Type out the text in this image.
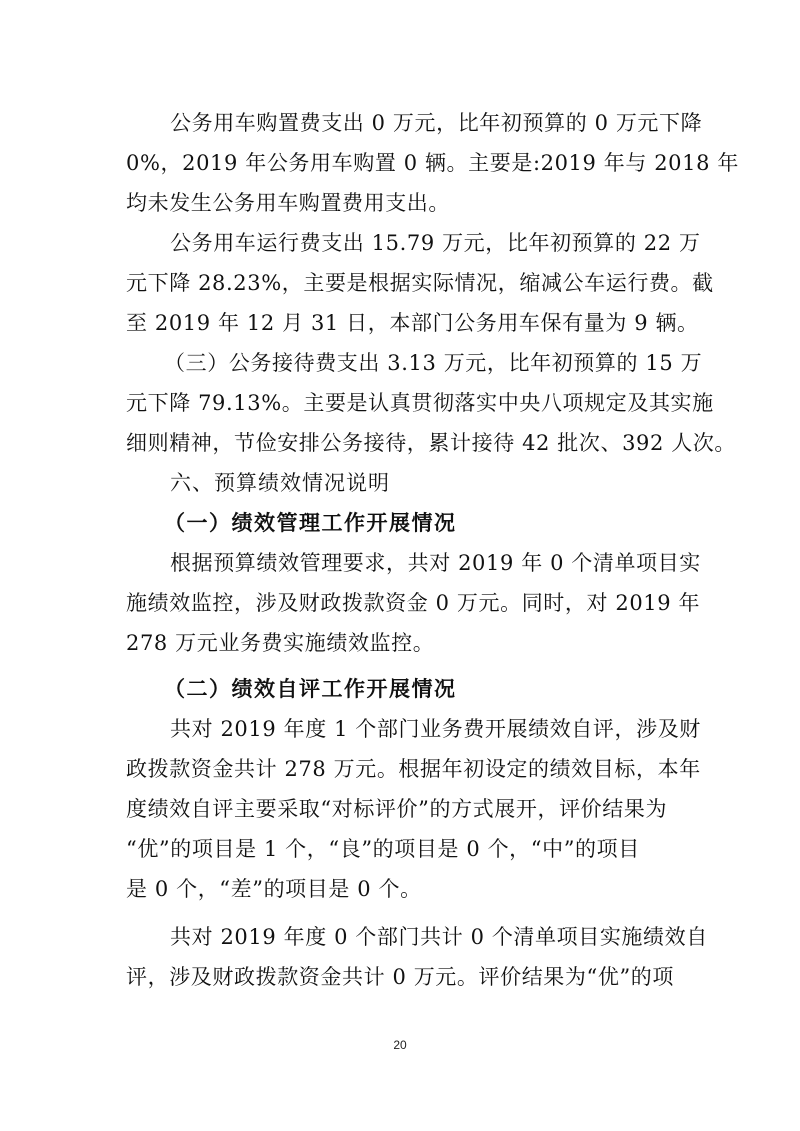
公务用车购置费支出 0 万元，比年初预算的 0 万元下降
0%，2019 年公务用车购置 0 辆。主要是:2019 年与 2018 年
均未发生公务用车购置费用支出。
公务用车运行费支出 15.79 万元，比年初预算的 22 万
元下降 28.23%，主要是根据实际情况，缩减公车运行费。截
至 2019 年 12 月 31 日，本部门公务用车保有量为 9 辆。
（三）公务接待费支出 3.13 万元，比年初预算的 15 万
元下降 79.13%。主要是认真贯彻落实中央八项规定及其实施
细则精神，节俭安排公务接待，累计接待 42 批次、392 人次。
六、预算绩效情况说明
（一）绩效管理工作开展情况
根据预算绩效管理要求，共对 2019 年 0 个清单项目实
施绩效监控，涉及财政拨款资金 0 万元。同时，对 2019 年
278 万元业务费实施绩效监控。
（二）绩效自评工作开展情况
共对 2019 年度 1 个部门业务费开展绩效自评，涉及财
政拨款资金共计 278 万元。根据年初设定的绩效目标，本年
度绩效自评主要采取“对标评价”的方式展开，评价结果为
“优”的项目是 1 个，“良”的项目是 0 个，“中”的项目
是 0 个，“差”的项目是 0 个。
共对 2019 年度 0 个部门共计 0 个清单项目实施绩效自
评，涉及财政拨款资金共计 0 万元。评价结果为“优”的项
20
